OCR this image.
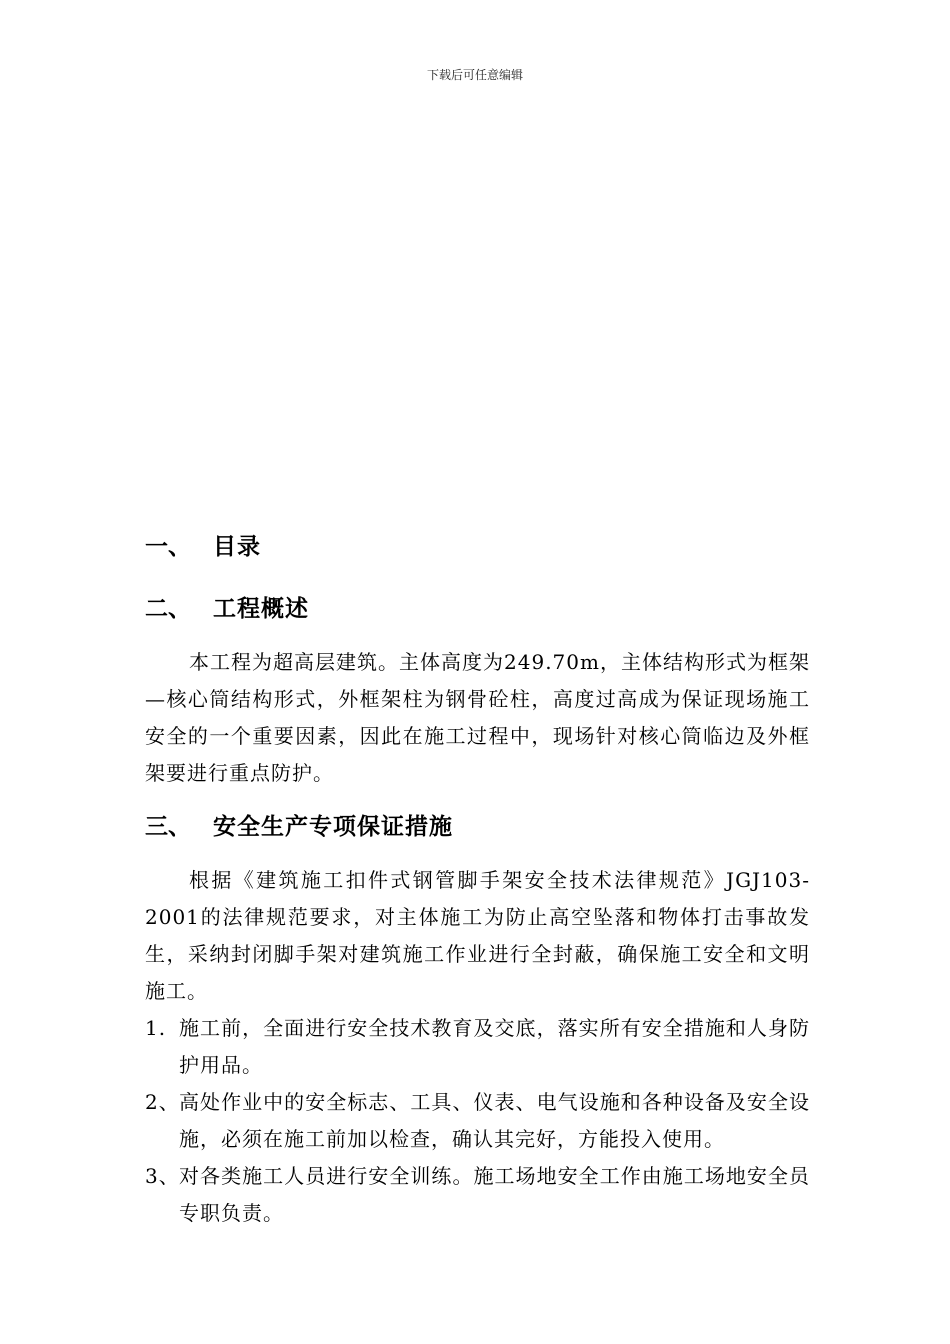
下载后可任意编辑
一、 目录
二、 工程概述

本工程为超高层建筑。主体高度为249.70m，主体结构形式为框架—核心筒结构形式，外框架柱为钢骨砼柱，高度过高成为保证现场施工安全的一个重要因素，因此在施工过程中，现场针对核心筒临边及外框架要进行重点防护。

三、 安全生产专项保证措施

根据《建筑施工扣件式钢管脚手架安全技术法律规范》JGJ103-2001的法律规范要求，对主体施工为防止高空坠落和物体打击事故发生，采纳封闭脚手架对建筑施工作业进行全封蔽，确保施工安全和文明施工。

1. 施工前，全面进行安全技术教育及交底，落实所有安全措施和人身防护用品。
2、 高处作业中的安全标志、工具、仪表、电气设施和各种设备及安全设施，必须在施工前加以检查，确认其完好，方能投入使用。
3、 对各类施工人员进行安全训练。施工场地安全工作由施工场地安全员专职负责。
